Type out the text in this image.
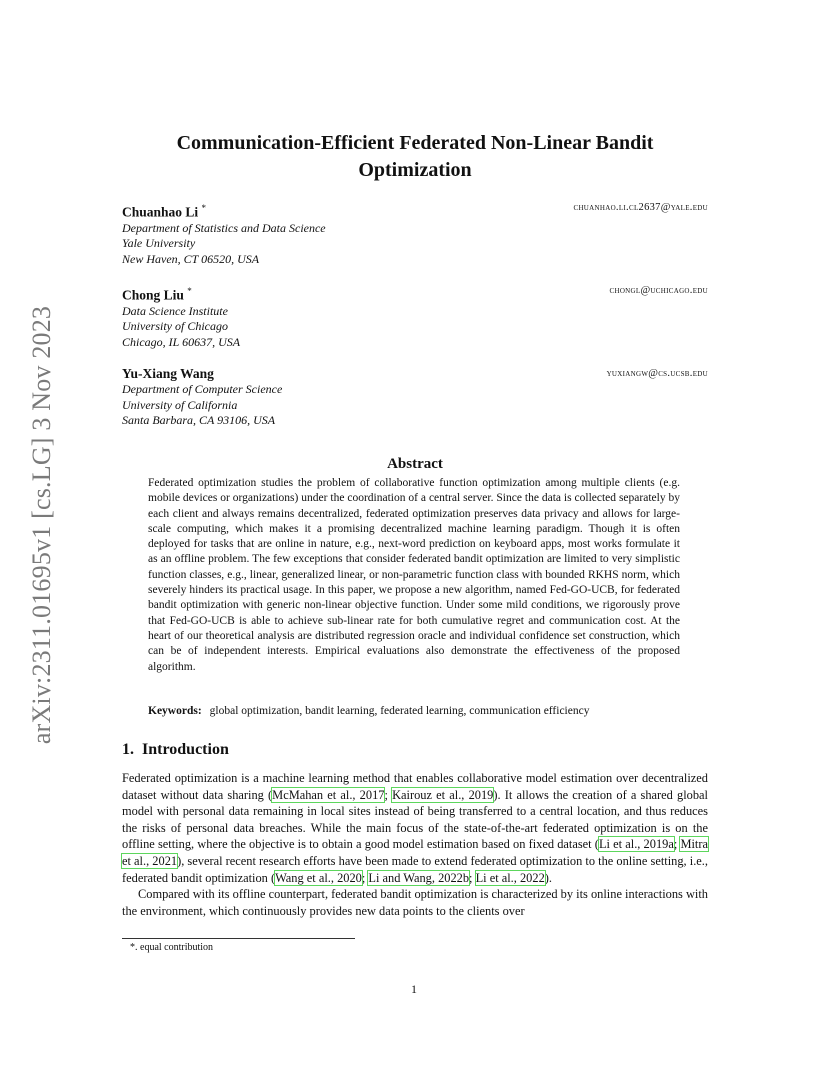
arXiv:2311.01695v1 [cs.LG] 3 Nov 2023
Communication-Efficient Federated Non-Linear Bandit Optimization
Chuanhao Li *	chuanhao.li.cl2637@yale.edu
Department of Statistics and Data Science
Yale University
New Haven, CT 06520, USA
Chong Liu *	chongl@uchicago.edu
Data Science Institute
University of Chicago
Chicago, IL 60637, USA
Yu-Xiang Wang	yuxiangw@cs.ucsb.edu
Department of Computer Science
University of California
Santa Barbara, CA 93106, USA
Abstract
Federated optimization studies the problem of collaborative function optimization among multiple clients (e.g. mobile devices or organizations) under the coordination of a central server. Since the data is collected separately by each client and always remains decentralized, federated optimization preserves data privacy and allows for large-scale computing, which makes it a promising decentralized machine learning paradigm. Though it is often deployed for tasks that are online in nature, e.g., next-word prediction on keyboard apps, most works formulate it as an offline problem. The few exceptions that consider federated bandit optimization are limited to very simplistic function classes, e.g., linear, generalized linear, or non-parametric function class with bounded RKHS norm, which severely hinders its practical usage. In this paper, we propose a new algorithm, named Fed-GO-UCB, for federated bandit optimization with generic non-linear objective function. Under some mild conditions, we rigorously prove that Fed-GO-UCB is able to achieve sub-linear rate for both cumulative regret and communication cost. At the heart of our theoretical analysis are distributed regression oracle and individual confidence set construction, which can be of independent interests. Empirical evaluations also demonstrate the effectiveness of the proposed algorithm.
Keywords: global optimization, bandit learning, federated learning, communication efficiency
1. Introduction

Federated optimization is a machine learning method that enables collaborative model estimation over decentralized dataset without data sharing (McMahan et al., 2017; Kairouz et al., 2019). It allows the creation of a shared global model with personal data remaining in local sites instead of being transferred to a central location, and thus reduces the risks of personal data breaches. While the main focus of the state-of-the-art federated optimization is on the offline setting, where the objective is to obtain a good model estimation based on fixed dataset (Li et al., 2019a; Mitra et al., 2021), several recent research efforts have been made to extend federated optimization to the online setting, i.e., federated bandit optimization (Wang et al., 2020; Li and Wang, 2022b; Li et al., 2022).

Compared with its offline counterpart, federated bandit optimization is characterized by its online interactions with the environment, which continuously provides new data points to the clients over

*. equal contribution
1
